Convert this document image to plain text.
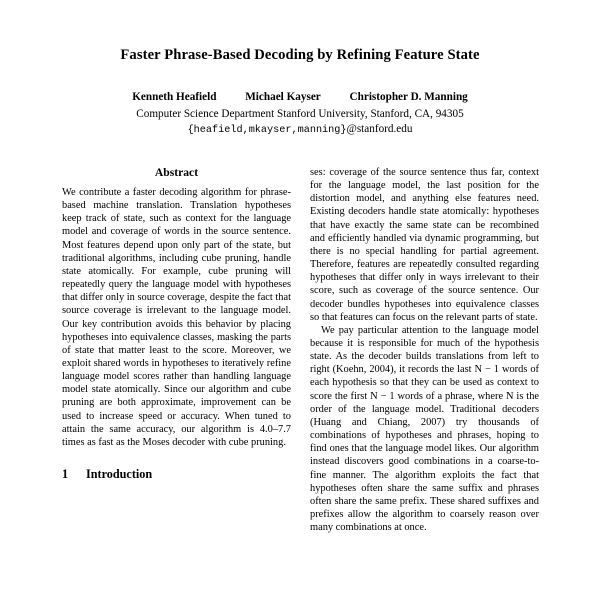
Faster Phrase-Based Decoding by Refining Feature State
Kenneth Heafield	Michael Kayser	Christopher D. Manning
Computer Science Department Stanford University, Stanford, CA, 94305
{heafield,mkayser,manning}@stanford.edu
Abstract

We contribute a faster decoding algorithm for phrase-based machine translation. Translation hypotheses keep track of state, such as context for the language model and coverage of words in the source sentence. Most features depend upon only part of the state, but traditional algorithms, including cube pruning, handle state atomically. For example, cube pruning will repeatedly query the language model with hypotheses that differ only in source coverage, despite the fact that source coverage is irrelevant to the language model. Our key contribution avoids this behavior by placing hypotheses into equivalence classes, masking the parts of state that matter least to the score. Moreover, we exploit shared words in hypotheses to iteratively refine language model scores rather than handling language model state atomically. Since our algorithm and cube pruning are both approximate, improvement can be used to increase speed or accuracy. When tuned to attain the same accuracy, our algorithm is 4.0–7.7 times as fast as the Moses decoder with cube pruning.

1	Introduction

ses: coverage of the source sentence thus far, context for the language model, the last position for the distortion model, and anything else features need. Existing decoders handle state atomically: hypotheses that have exactly the same state can be recombined and efficiently handled via dynamic programming, but there is no special handling for partial agreement. Therefore, features are repeatedly consulted regarding hypotheses that differ only in ways irrelevant to their score, such as coverage of the source sentence. Our decoder bundles hypotheses into equivalence classes so that features can focus on the relevant parts of state.

We pay particular attention to the language model because it is responsible for much of the hypothesis state. As the decoder builds translations from left to right (Koehn, 2004), it records the last N − 1 words of each hypothesis so that they can be used as context to score the first N − 1 words of a phrase, where N is the order of the language model. Traditional decoders (Huang and Chiang, 2007) try thousands of combinations of hypotheses and phrases, hoping to find ones that the language model likes. Our algorithm instead discovers good combinations in a coarse-to-fine manner. The algorithm exploits the fact that hypotheses often share the same suffix and phrases often share the same prefix. These shared suffixes and prefixes allow the algorithm to coarsely reason over many combinations at once.
